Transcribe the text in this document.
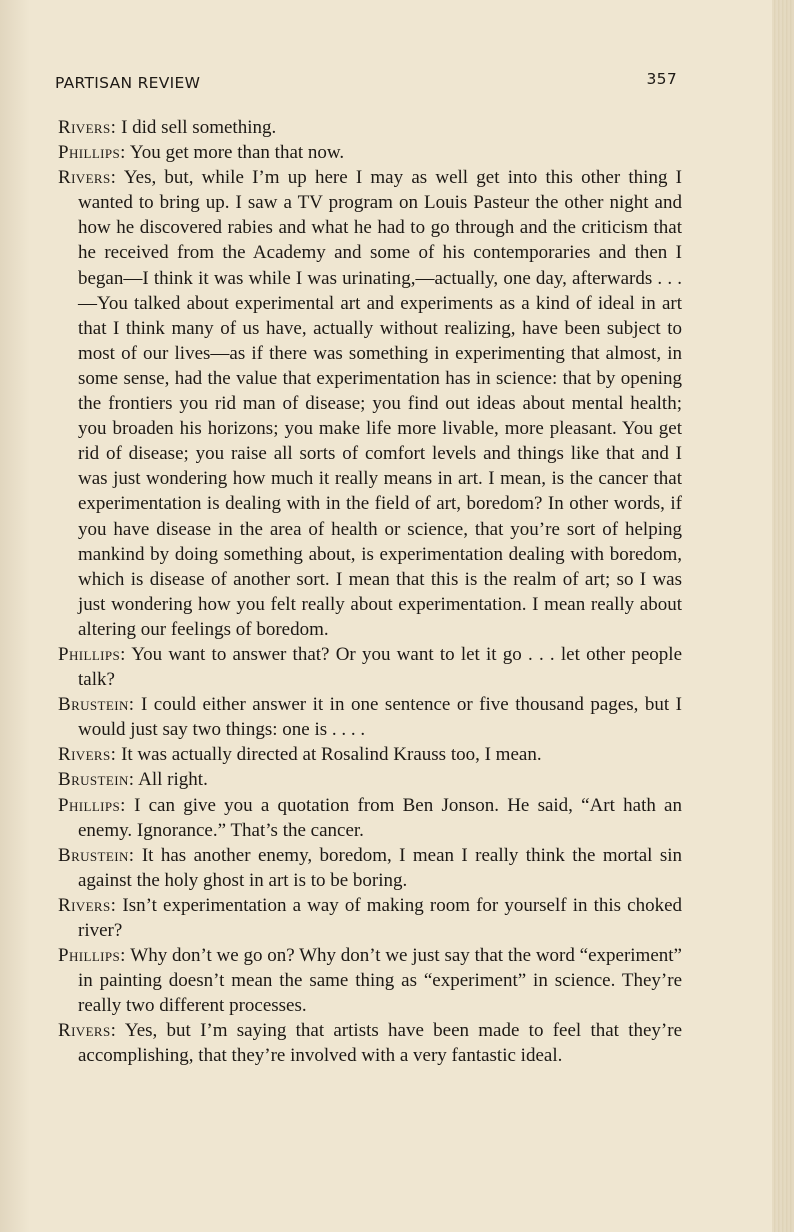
PARTISAN REVIEW	357

Rivers: I did sell something.

Phillips: You get more than that now.

Rivers: Yes, but, while I’m up here I may as well get into this other thing I wanted to bring up. I saw a TV program on Louis Pasteur the other night and how he discovered rabies and what he had to go through and the criticism that he received from the Academy and some of his contemporaries and then I began—I think it was while I was urinating,—actually, one day, afterwards . . . —You talked about experimental art and experiments as a kind of ideal in art that I think many of us have, actually without realizing, have been subject to most of our lives—as if there was something in experimenting that almost, in some sense, had the value that experimentation has in science: that by opening the frontiers you rid man of disease; you find out ideas about mental health; you broaden his horizons; you make life more livable, more pleasant. You get rid of disease; you raise all sorts of comfort levels and things like that and I was just wondering how much it really means in art. I mean, is the cancer that experimentation is dealing with in the field of art, boredom? In other words, if you have disease in the area of health or science, that you’re sort of helping mankind by doing something about, is experimentation dealing with boredom, which is disease of another sort. I mean that this is the realm of art; so I was just wondering how you felt really about experimentation. I mean really about altering our feelings of boredom.

Phillips: You want to answer that? Or you want to let it go . . . let other people talk?

Brustein: I could either answer it in one sentence or five thousand pages, but I would just say two things: one is . . . .

Rivers: It was actually directed at Rosalind Krauss too, I mean.

Brustein: All right.

Phillips: I can give you a quotation from Ben Jonson. He said, “Art hath an enemy. Ignorance.” That’s the cancer.

Brustein: It has another enemy, boredom, I mean I really think the mortal sin against the holy ghost in art is to be boring.

Rivers: Isn’t experimentation a way of making room for yourself in this choked river?

Phillips: Why don’t we go on? Why don’t we just say that the word “experiment” in painting doesn’t mean the same thing as “experiment” in science. They’re really two different processes.

Rivers: Yes, but I’m saying that artists have been made to feel that they’re accomplishing, that they’re involved with a very fantastic ideal.
